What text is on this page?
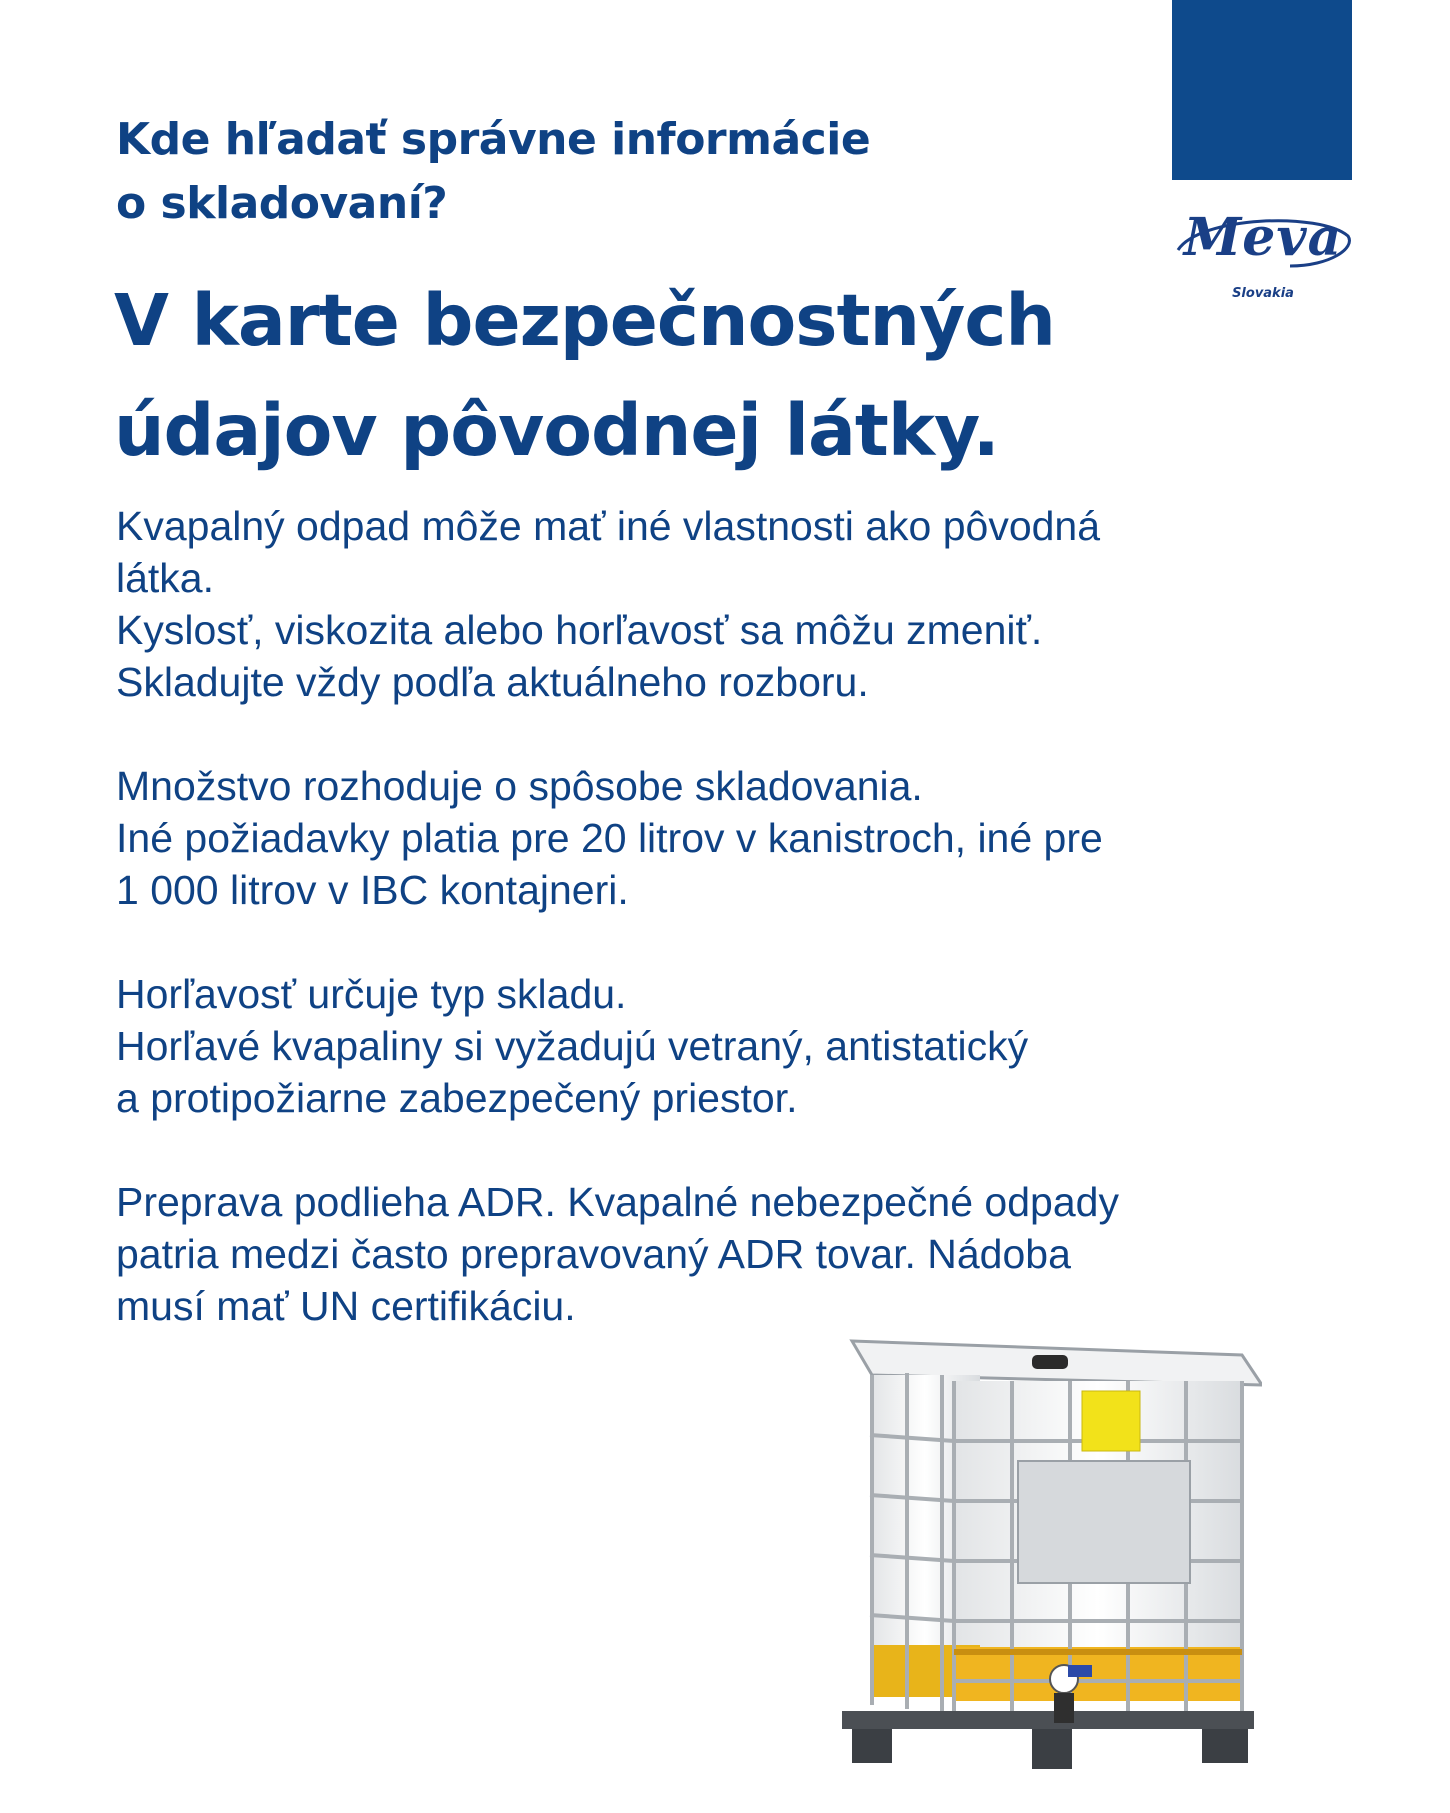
Meva
Slovakia
Kde hľadať správne informácie
o skladovaní?
V karte bezpečnostných
údajov pôvodnej látky.
Kvapalný odpad môže mať iné vlastnosti ako pôvodná
látka.
Kyslosť, viskozita alebo horľavosť sa môžu zmeniť.
Skladujte vždy podľa aktuálneho rozboru.
Množstvo rozhoduje o spôsobe skladovania.
Iné požiadavky platia pre 20 litrov v kanistroch, iné pre
1 000 litrov v IBC kontajneri.
Horľavosť určuje typ skladu.
Horľavé kvapaliny si vyžadujú vetraný, antistatický
a protipožiarne zabezpečený priestor.
Preprava podlieha ADR. Kvapalné nebezpečné odpady
patria medzi často prepravovaný ADR tovar. Nádoba
musí mať UN certifikáciu.
